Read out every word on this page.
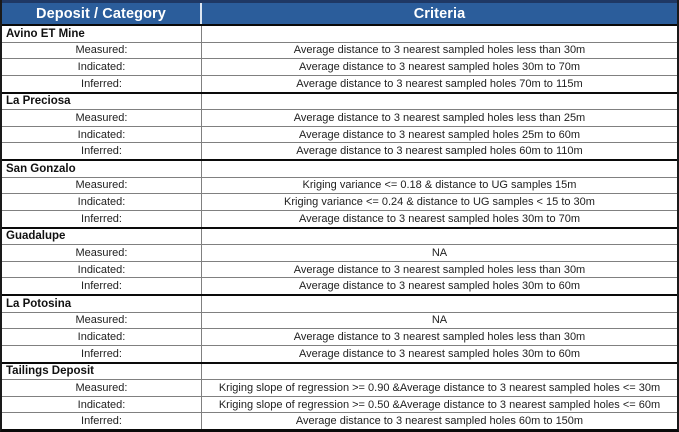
Deposit / Category	Criteria
Avino ET Mine
Measured:	Average distance to 3 nearest sampled holes less than 30m
Indicated:	Average distance to 3 nearest sampled holes 30m to 70m
Inferred:	Average distance to 3 nearest sampled holes 70m to 115m
La Preciosa
Measured:	Average distance to 3 nearest sampled holes less than 25m
Indicated:	Average distance to 3 nearest sampled holes 25m to 60m
Inferred:	Average distance to 3 nearest sampled holes 60m to 110m
San Gonzalo
Measured:	Kriging variance <= 0.18 & distance to UG samples 15m
Indicated:	Kriging variance <= 0.24 & distance to UG samples < 15 to 30m
Inferred:	Average distance to 3 nearest sampled holes 30m to 70m
Guadalupe
Measured:	NA
Indicated:	Average distance to 3 nearest sampled holes less than 30m
Inferred:	Average distance to 3 nearest sampled holes 30m to 60m
La Potosina
Measured:	NA
Indicated:	Average distance to 3 nearest sampled holes less than 30m
Inferred:	Average distance to 3 nearest sampled holes 30m to 60m
Tailings Deposit
Measured:	Kriging slope of regression >= 0.90 &Average distance to 3 nearest sampled holes <= 30m
Indicated:	Kriging slope of regression >= 0.50 &Average distance to 3 nearest sampled holes <= 60m
Inferred:	Average distance to 3 nearest sampled holes 60m to 150m
